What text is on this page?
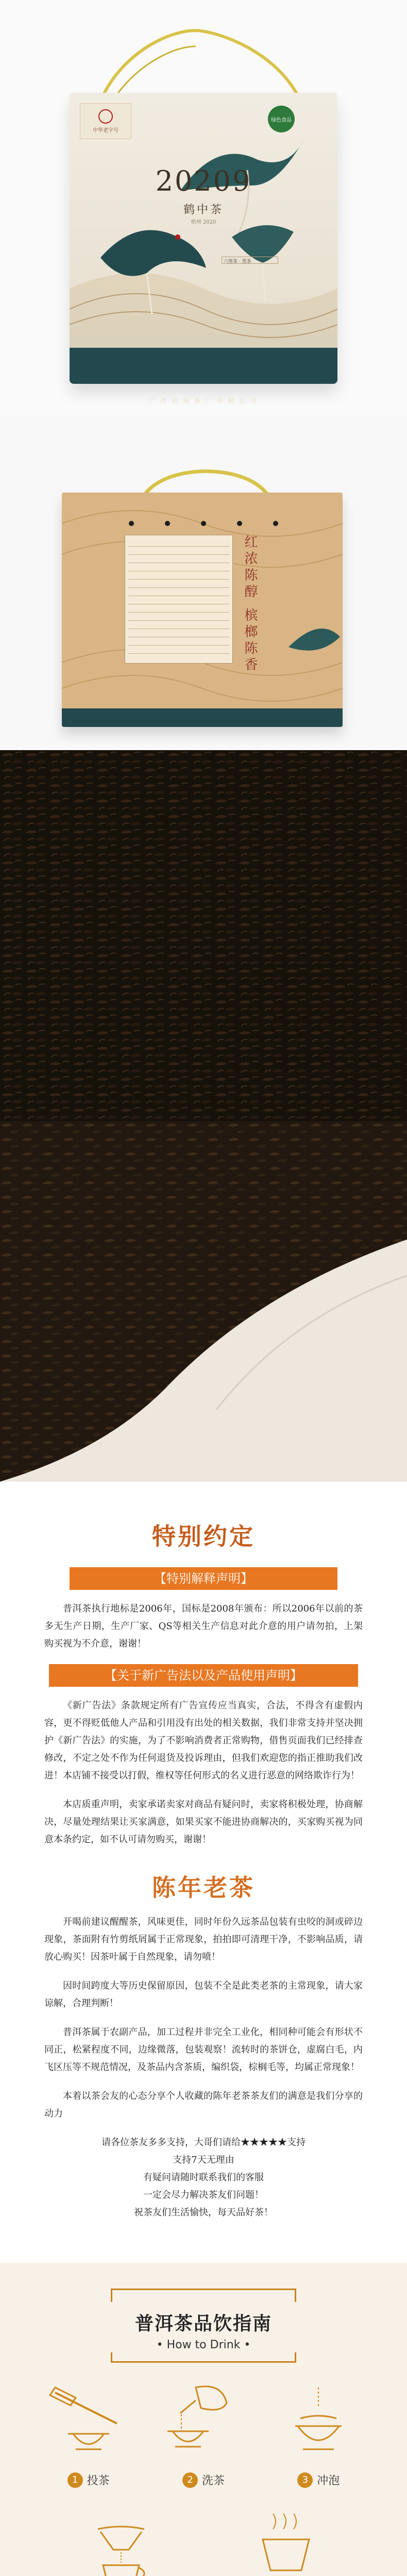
中华老字号
绿色食品
20209
鹤中茶
梧州 2020
六堡茶 · 黑茶
广 西 梧 州 茶 厂 有 限 公 司
红浓陈醇 槟榔陈香
特别约定
【特别解释声明】

普洱茶执行地标是2006年，国标是2008年颁布：所以2006年以前的茶多无生产日期，生产厂家、QS等相关生产信息对此介意的用户请勿拍，上架购买视为不介意，谢谢！

【关于新广告法以及产品使用声明】

《新广告法》条款规定所有广告宣传应当真实，合法，不得含有虚假内容，更不得贬低他人产品和引用没有出处的相关数据，我们非常支持并坚决拥护《新广告法》的实施，为了不影响消费者正常购物，借售页面我们已经排查修改，不定之处不作为任何退货及投诉理由，但我们欢迎您的指正推助我们改进！本店铺不接受以打假，维权等任何形式的名义进行恶意的网络欺诈行为！

本店质重声明，卖家承诺卖家对商品有疑问时，卖家将积极处理，协商解决，尽量处理结果让买家满意，如果买家不能进协商解决的，买家购买视为同意本条约定，如不认可请勿购买，谢谢！

陈年老茶

开喝前建议醒醒茶，风味更佳，同时年份久远茶品包装有虫咬的洞或碎边现象，茶面附有竹剪纸屑属于正常现象，拍拍即可清理干净，不影响品质，请放心购买！因茶叶属于自然现象，请勿喷！

因时间跨度大等历史保留原因，包装不全是此类老茶的主常现象，请大家谅解，合理判断！

普洱茶属于农副产品，加工过程并非完全工业化，相同种可能会有形状不同正，松紧程度不同，边缘微落，包装观察！流转时的茶饼仓，虚腐白毛，内飞区压等不规范情况，及茶品内含茶质，编织袋，棕榈毛等，均属正常现象！

本着以茶会友的心态分享个人收藏的陈年老茶茶友们的满意是我们分享的动力

请各位茶友多多支持，大哥们请给★★★★★支持
支持7天无理由
有疑问请随时联系我们的客服
一定会尽力解决茶友们问题！
祝茶友们生活愉快，每天品好茶！
普洱茶品饮指南
• How to Drink •
1 投茶	2 洗茶	3 冲泡
